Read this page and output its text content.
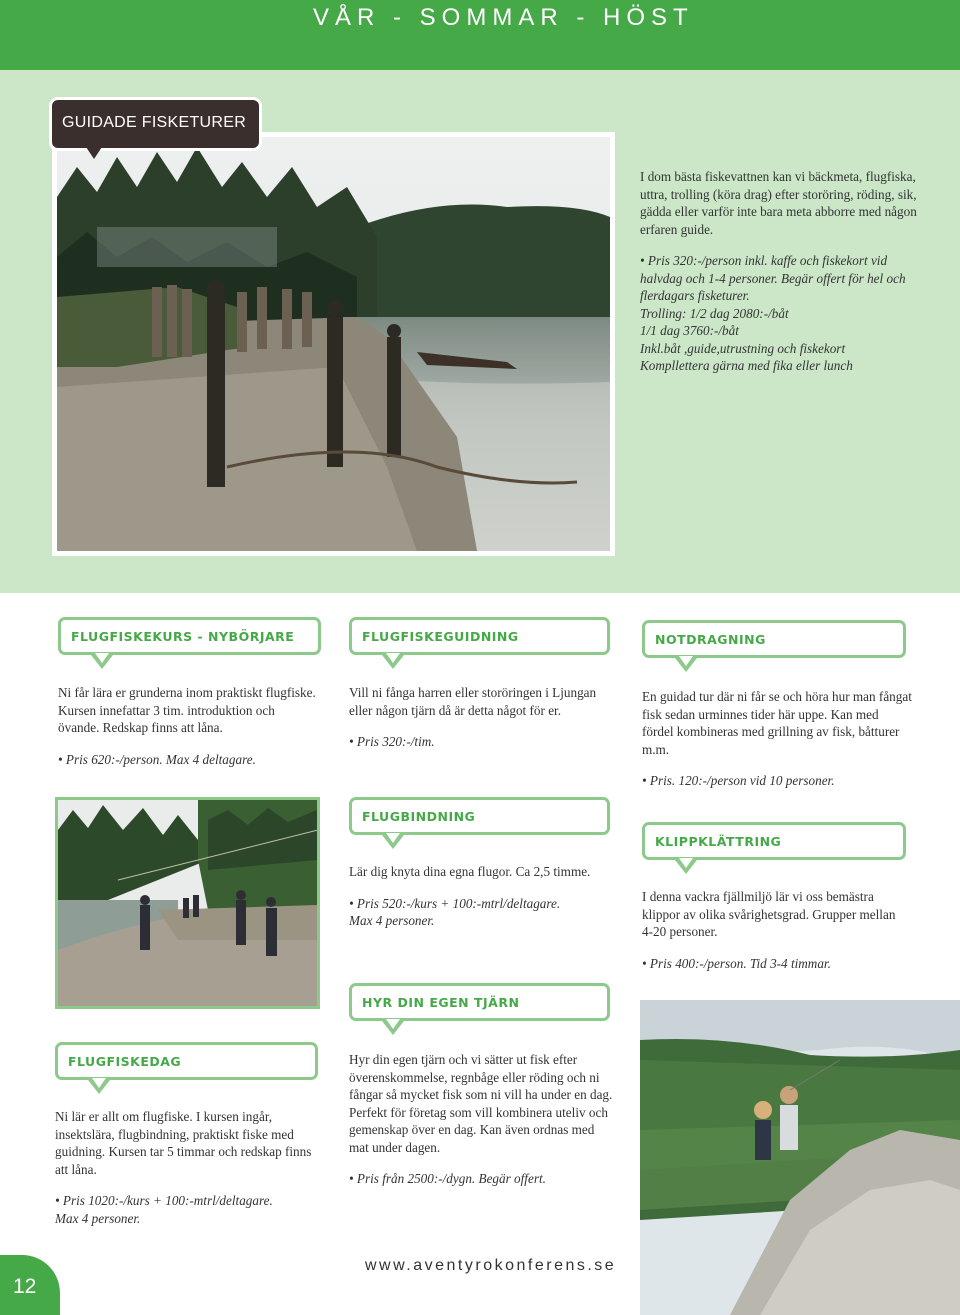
VÅR - SOMMAR - HÖST
GUIDADE FISKETURER

I dom bästa fiskevattnen kan vi bäckmeta, flugfiska, uttra, trolling (köra drag) efter storöring, röding, sik, gädda eller varför inte bara meta abborre med någon erfaren guide.

• Pris 320:-/person inkl. kaffe och fiskekort vid halvdag och 1-4 personer. Begär offert för hel och flerdagars fisketurer.
Trolling: 1/2 dag 2080:-/båt
1/1 dag 3760:-/båt
Inkl.båt ,guide,utrustning och fiskekort
Kompllettera gärna med fika eller lunch
FLUGFISKEKURS - NYBÖRJARE

Ni får lära er grunderna inom praktiskt flugfiske. Kursen innefattar 3 tim. introduktion och övande. Redskap finns att låna.

• Pris 620:-/person. Max 4 deltagare.

FLUGFISKEGUIDNING

Vill ni fånga harren eller storöringen i Ljungan eller någon tjärn då är detta något för er.

• Pris 320:-/tim.

NOTDRAGNING

En guidad tur där ni får se och höra hur man fångat fisk sedan urminnes tider här uppe. Kan med fördel kombineras med grillning av fisk, båtturer m.m.

• Pris. 120:-/person vid 10 personer.

FLUGBINDNING

Lär dig knyta dina egna flugor. Ca 2,5 timme.

• Pris 520:-/kurs + 100:-mtrl/deltagare. Max 4 personer.

KLIPPKLÄTTRING

I denna vackra fjällmiljö lär vi oss bemästra klippor av olika svårighetsgrad. Grupper mellan 4-20 personer.

• Pris 400:-/person. Tid 3-4 timmar.

HYR DIN EGEN TJÄRN

Hyr din egen tjärn och vi sätter ut fisk efter överenskommelse, regnbåge eller röding och ni fångar så mycket fisk som ni vill ha under en dag. Perfekt för företag som vill kombinera uteliv och gemenskap över en dag. Kan även ordnas med mat under dagen.

• Pris från 2500:-/dygn. Begär offert.

FLUGFISKEDAG

Ni lär er allt om flugfiske. I kursen ingår, insektslära, flugbindning, praktiskt fiske med guidning. Kursen tar 5 timmar och redskap finns att låna.

• Pris 1020:-/kurs + 100:-mtrl/deltagare. Max 4 personer.

12
www.aventyrokonferens.se
